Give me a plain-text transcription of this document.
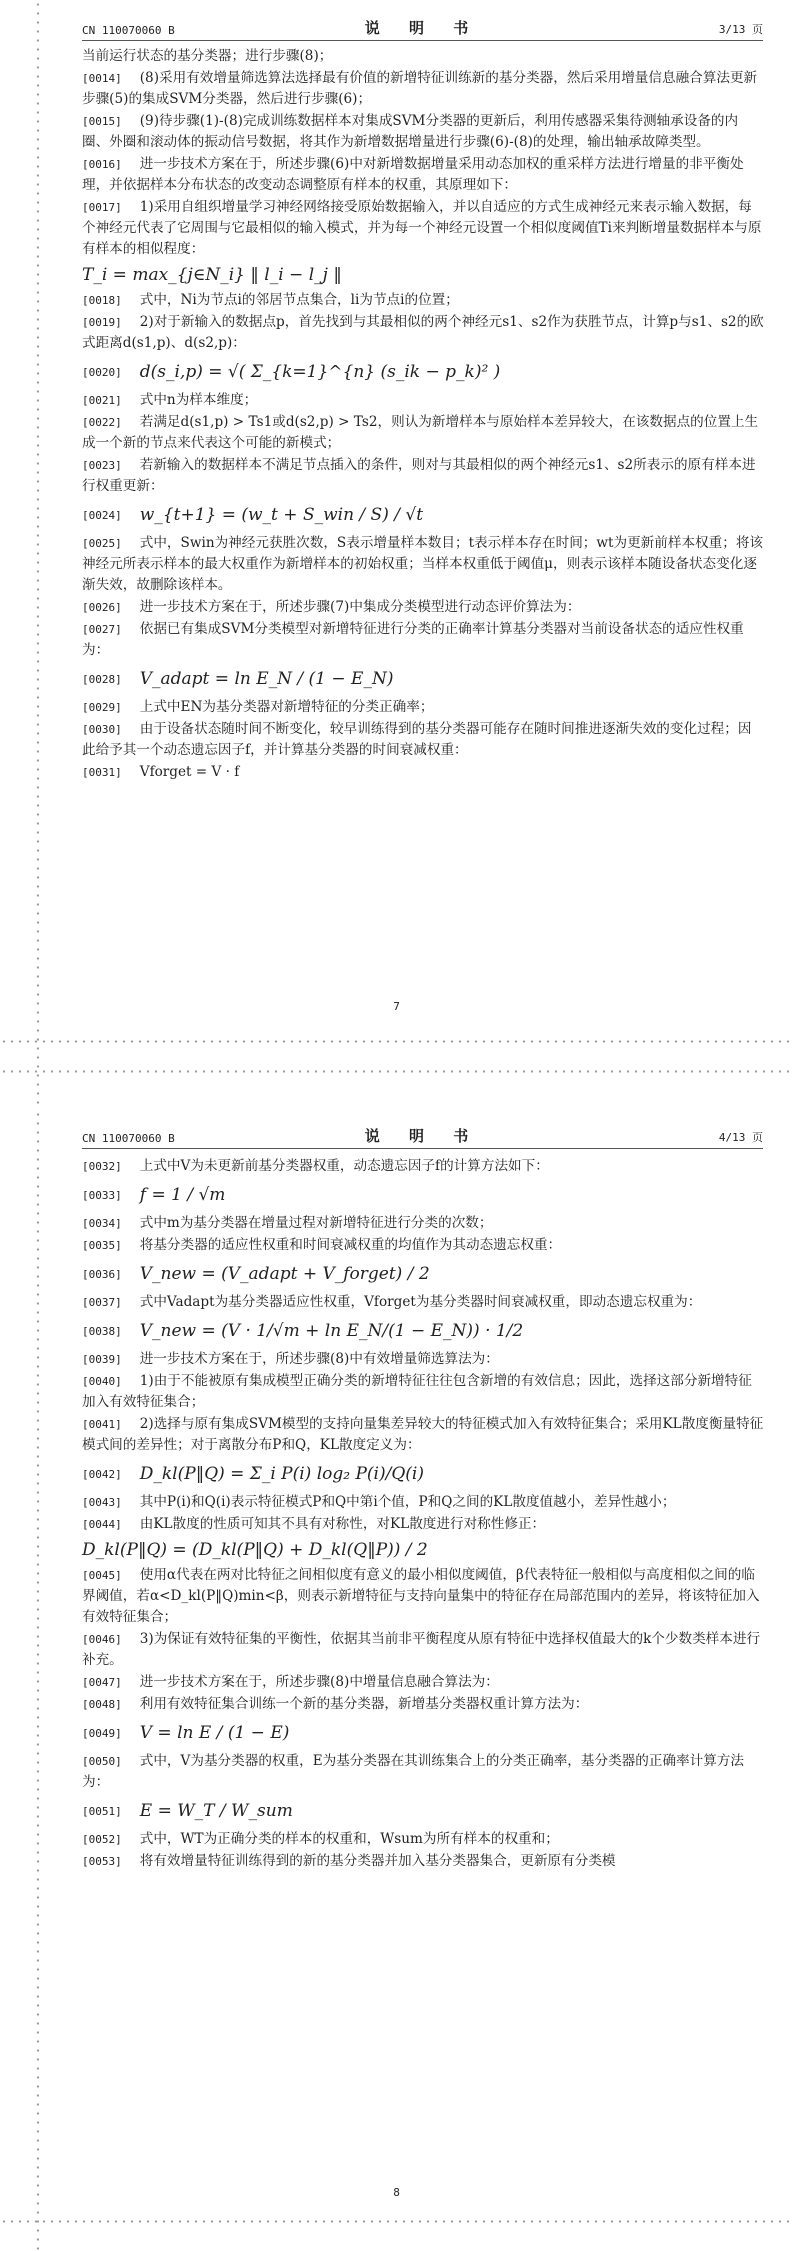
CN 110070060 B	说 明 书	3/13 页

当前运行状态的基分类器；进行步骤(8)；

[0014] (8)采用有效增量筛选算法选择最有价值的新增特征训练新的基分类器，然后采用增量信息融合算法更新步骤(5)的集成SVM分类器，然后进行步骤(6)；

[0015] (9)待步骤(1)-(8)完成训练数据样本对集成SVM分类器的更新后，利用传感器采集待测轴承设备的内圈、外圈和滚动体的振动信号数据，将其作为新增数据增量进行步骤(6)-(8)的处理，输出轴承故障类型。

[0016] 进一步技术方案在于，所述步骤(6)中对新增数据增量采用动态加权的重采样方法进行增量的非平衡处理，并依据样本分布状态的改变动态调整原有样本的权重，其原理如下：

[0017] 1)采用自组织增量学习神经网络接受原始数据输入，并以自适应的方式生成神经元来表示输入数据，每个神经元代表了它周围与它最相似的输入模式，并为每一个神经元设置一个相似度阈值Ti来判断增量数据样本与原有样本的相似程度：

T_i = max_{j∈N_i} ‖ l_i − l_j ‖

[0018] 式中，Ni为节点i的邻居节点集合，li为节点i的位置；

[0019] 2)对于新输入的数据点p，首先找到与其最相似的两个神经元s1、s2作为获胜节点，计算p与s1、s2的欧式距离d(s1,p)、d(s2,p)：

[0020] d(s_i,p) = √( Σ_{k=1}^{n} (s_ik − p_k)² )

[0021] 式中n为样本维度；

[0022] 若满足d(s1,p) > Ts1或d(s2,p) > Ts2，则认为新增样本与原始样本差异较大，在该数据点的位置上生成一个新的节点来代表这个可能的新模式；

[0023] 若新输入的数据样本不满足节点插入的条件，则对与其最相似的两个神经元s1、s2所表示的原有样本进行权重更新：

[0024] w_{t+1} = (w_t + S_win / S) / √t

[0025] 式中，Swin为神经元获胜次数，S表示增量样本数目；t表示样本存在时间；wt为更新前样本权重；将该神经元所表示样本的最大权重作为新增样本的初始权重；当样本权重低于阈值μ，则表示该样本随设备状态变化逐渐失效，故删除该样本。

[0026] 进一步技术方案在于，所述步骤(7)中集成分类模型进行动态评价算法为：

[0027] 依据已有集成SVM分类模型对新增特征进行分类的正确率计算基分类器对当前设备状态的适应性权重为：

[0028] V_adapt = ln E_N / (1 − E_N)

[0029] 上式中EN为基分类器对新增特征的分类正确率；

[0030] 由于设备状态随时间不断变化，较早训练得到的基分类器可能存在随时间推进逐渐失效的变化过程；因此给予其一个动态遗忘因子f，并计算基分类器的时间衰减权重：

[0031] Vforget = V · f

7
CN 110070060 B	说 明 书	4/13 页

[0032] 上式中V为未更新前基分类器权重，动态遗忘因子f的计算方法如下：

[0033] f = 1 / √m

[0034] 式中m为基分类器在增量过程对新增特征进行分类的次数；

[0035] 将基分类器的适应性权重和时间衰减权重的均值作为其动态遗忘权重：

[0036] V_new = (V_adapt + V_forget) / 2

[0037] 式中Vadapt为基分类器适应性权重，Vforget为基分类器时间衰减权重，即动态遗忘权重为：

[0038] V_new = (V · 1/√m + ln E_N/(1 − E_N)) · 1/2

[0039] 进一步技术方案在于，所述步骤(8)中有效增量筛选算法为：

[0040] 1)由于不能被原有集成模型正确分类的新增特征往往包含新增的有效信息；因此，选择这部分新增特征加入有效特征集合；

[0041] 2)选择与原有集成SVM模型的支持向量集差异较大的特征模式加入有效特征集合；采用KL散度衡量特征模式间的差异性；对于离散分布P和Q，KL散度定义为：

[0042] D_kl(P‖Q) = Σ_i P(i) log₂ P(i)/Q(i)

[0043] 其中P(i)和Q(i)表示特征模式P和Q中第i个值，P和Q之间的KL散度值越小，差异性越小；

[0044] 由KL散度的性质可知其不具有对称性，对KL散度进行对称性修正：

D_kl(P‖Q) = (D_kl(P‖Q) + D_kl(Q‖P)) / 2

[0045] 使用α代表在两对比特征之间相似度有意义的最小相似度阈值，β代表特征一般相似与高度相似之间的临界阈值，若α<D_kl(P‖Q)min<β，则表示新增特征与支持向量集中的特征存在局部范围内的差异，将该特征加入有效特征集合；

[0046] 3)为保证有效特征集的平衡性，依据其当前非平衡程度从原有特征中选择权值最大的k个少数类样本进行补充。

[0047] 进一步技术方案在于，所述步骤(8)中增量信息融合算法为：

[0048] 利用有效特征集合训练一个新的基分类器，新增基分类器权重计算方法为：

[0049] V = ln E / (1 − E)

[0050] 式中，V为基分类器的权重，E为基分类器在其训练集合上的分类正确率，基分类器的正确率计算方法为：

[0051] E = W_T / W_sum

[0052] 式中，WT为正确分类的样本的权重和，Wsum为所有样本的权重和；

[0053] 将有效增量特征训练得到的新的基分类器并加入基分类器集合，更新原有分类模

8
